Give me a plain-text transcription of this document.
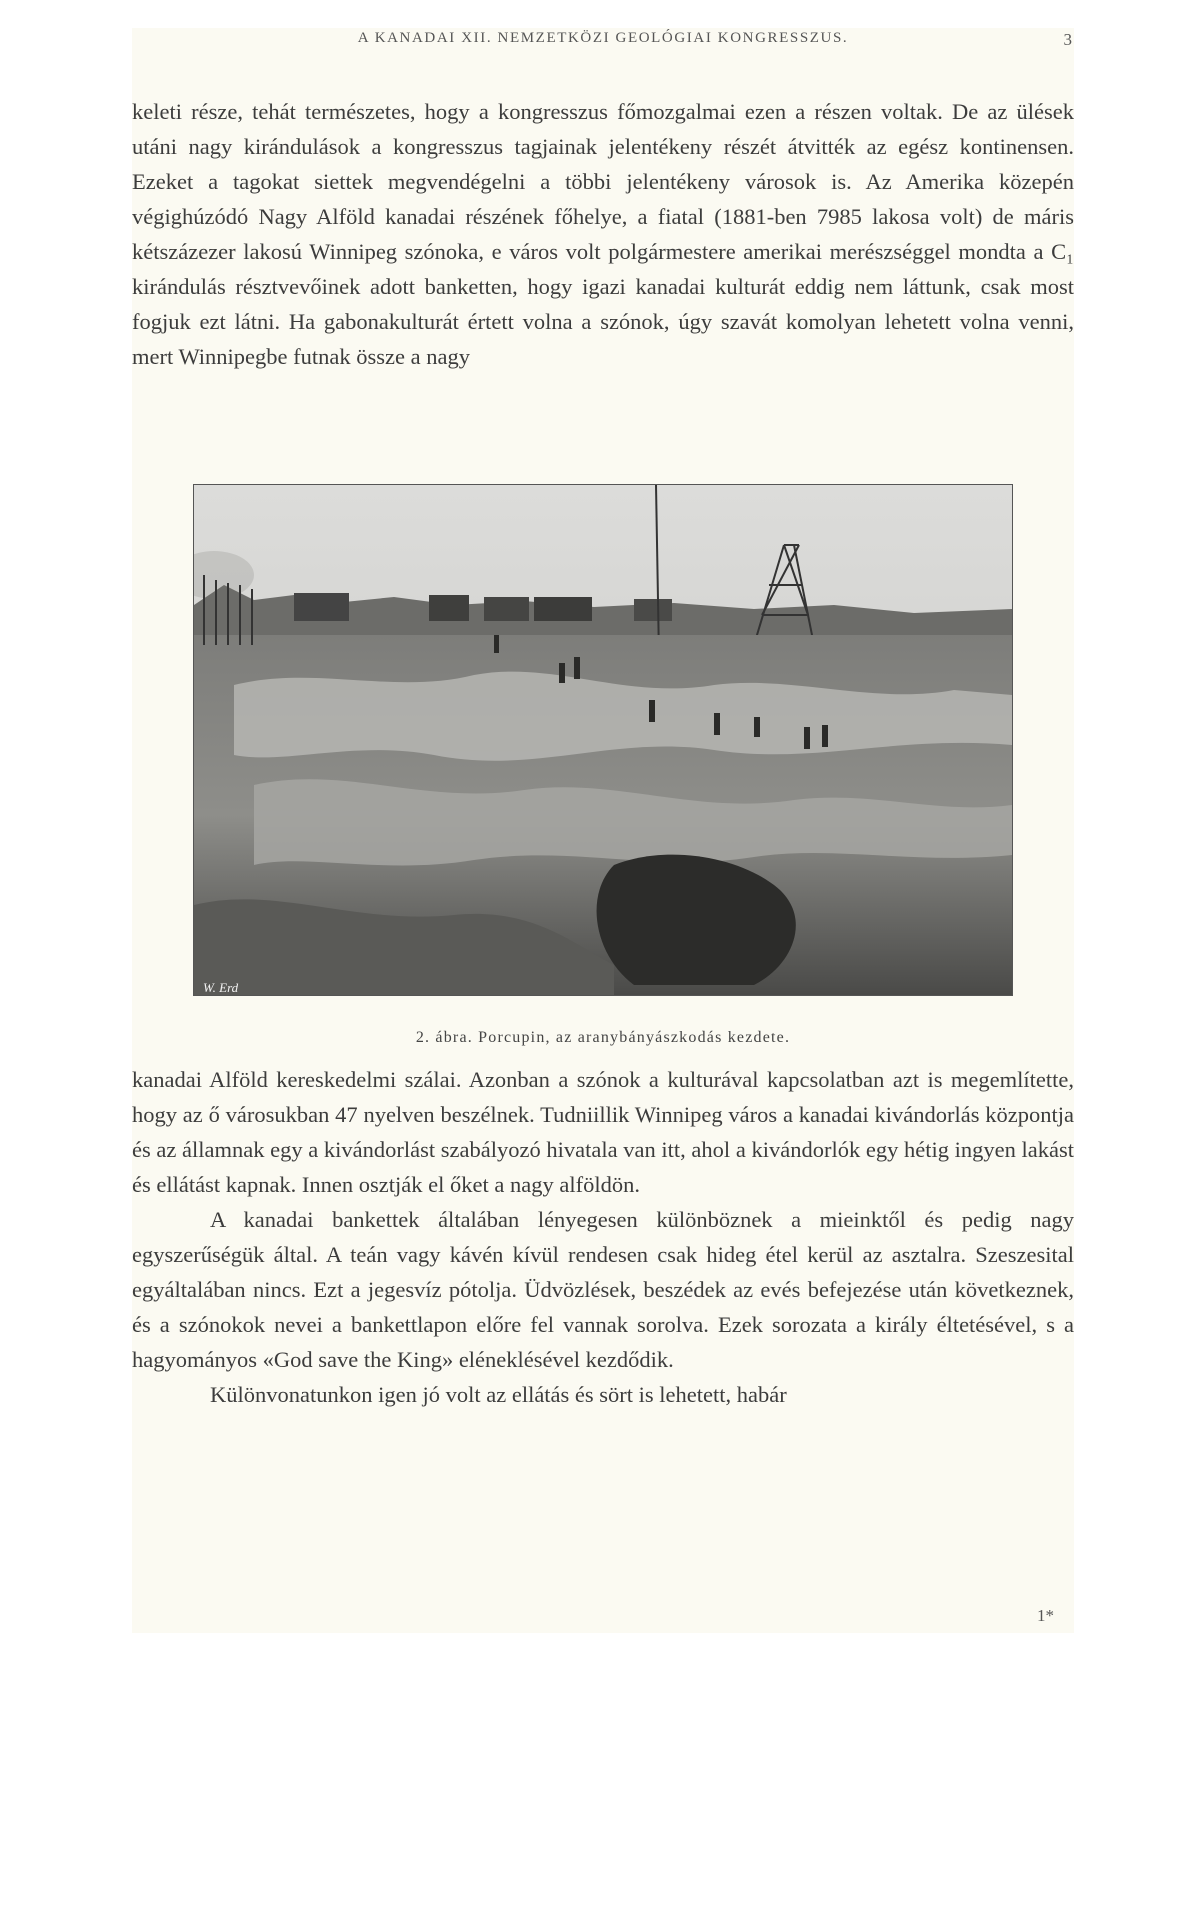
A KANADAI XII. NEMZETKÖZI GEOLÓGIAI KONGRESSZUS.	3

keleti része, tehát természetes, hogy a kongresszus főmozgalmai ezen a részen voltak. De az ülések utáni nagy kirándulások a kongresszus tagjainak jelentékeny részét átvitték az egész kontinensen. Ezeket a tagokat siettek megvendégelni a többi jelentékeny városok is. Az Amerika közepén végighúzódó Nagy Alföld kanadai részének főhelye, a fiatal (1881-ben 7985 lakosa volt) de máris kétszázezer lakosú Winnipeg szónoka, e város volt polgármestere amerikai merészséggel mondta a C₁ kirándulás résztvevőinek adott banketten, hogy igazi kanadai kulturát eddig nem láttunk, csak most fogjuk ezt látni. Ha gabonakulturát értett volna a szónok, úgy szavát komolyan lehetett volna venni, mert Winnipegbe futnak össze a nagy

W. Erd
2. ábra. Porcupin, az aranybányászkodás kezdete.

kanadai Alföld kereskedelmi szálai. Azonban a szónok a kulturával kapcsolatban azt is megemlítette, hogy az ő városukban 47 nyelven beszélnek. Tudniillik Winnipeg város a kanadai kivándorlás központja és az államnak egy a kivándorlást szabályozó hivatala van itt, ahol a kivándorlók egy hétig ingyen lakást és ellátást kapnak. Innen osztják el őket a nagy alföldön.

A kanadai bankettek általában lényegesen különböznek a mieinktől és pedig nagy egyszerűségük által. A teán vagy kávén kívül rendesen csak hideg étel kerül az asztalra. Szeszesital egyáltalában nincs. Ezt a jegesvíz pótolja. Üdvözlések, beszédek az evés befejezése után következnek, és a szónokok nevei a bankettlapon előre fel vannak sorolva. Ezek sorozata a király éltetésével, s a hagyományos «God save the King» eléneklésével kezdődik.

Különvonatunkon igen jó volt az ellátás és sört is lehetett, habár

1*
